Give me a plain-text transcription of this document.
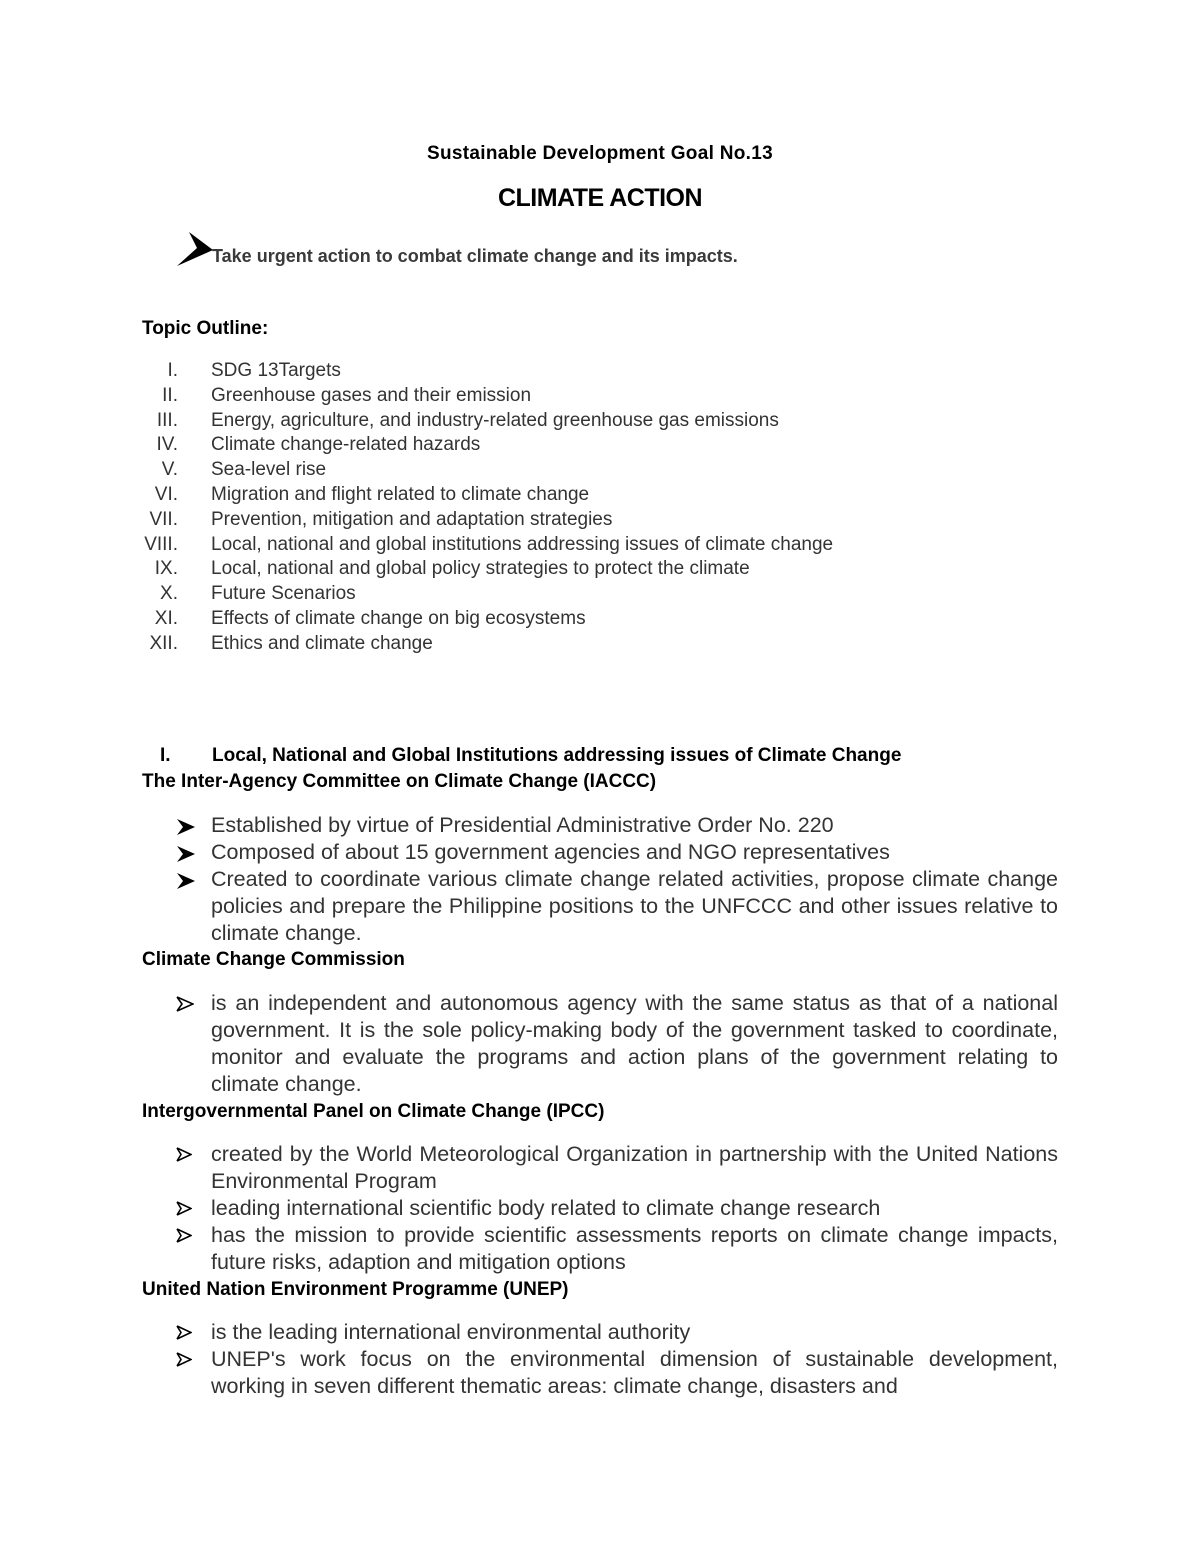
Sustainable Development Goal No.13
CLIMATE ACTION
Take urgent action to combat climate change and its impacts.
Topic Outline:
I. SDG 13Targets
II. Greenhouse gases and their emission
III. Energy, agriculture, and industry-related greenhouse gas emissions
IV. Climate change-related hazards
V. Sea-level rise
VI. Migration and flight related to climate change
VII. Prevention, mitigation and adaptation strategies
VIII. Local, national and global institutions addressing issues of climate change
IX. Local, national and global policy strategies to protect the climate
X. Future Scenarios
XI. Effects of climate change on big ecosystems
XII. Ethics and climate change
I. Local, National and Global Institutions addressing issues of Climate Change
The Inter-Agency Committee on Climate Change (IACCC)
Established by virtue of Presidential Administrative Order No. 220
Composed of about 15 government agencies and NGO representatives
Created to coordinate various climate change related activities, propose climate change policies and prepare the Philippine positions to the UNFCCC and other issues relative to climate change.
Climate Change Commission
is an independent and autonomous agency with the same status as that of a national government. It is the sole policy-making body of the government tasked to coordinate, monitor and evaluate the programs and action plans of the government relating to climate change.
Intergovernmental Panel on Climate Change (IPCC)
created by the World Meteorological Organization in partnership with the United Nations Environmental Program
leading international scientific body related to climate change research
has the mission to provide scientific assessments reports on climate change impacts, future risks, adaption and mitigation options
United Nation Environment Programme (UNEP)
is the leading international environmental authority
UNEP's work focus on the environmental dimension of sustainable development, working in seven different thematic areas: climate change, disasters and
